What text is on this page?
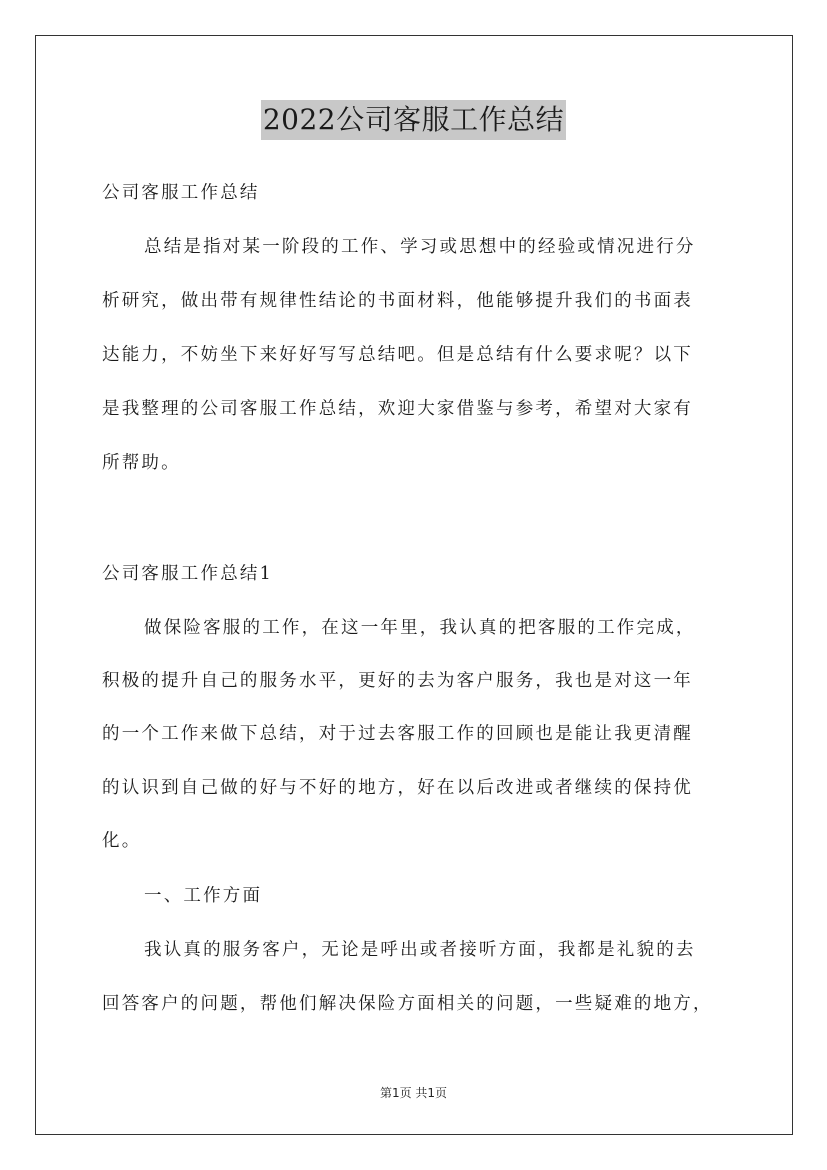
2022公司客服工作总结
公司客服工作总结
总结是指对某一阶段的工作、学习或思想中的经验或情况进行分
析研究，做出带有规律性结论的书面材料，他能够提升我们的书面表
达能力，不妨坐下来好好写写总结吧。但是总结有什么要求呢？以下
是我整理的公司客服工作总结，欢迎大家借鉴与参考，希望对大家有
所帮助。
公司客服工作总结1
做保险客服的工作，在这一年里，我认真的把客服的工作完成，
积极的提升自己的服务水平，更好的去为客户服务，我也是对这一年
的一个工作来做下总结，对于过去客服工作的回顾也是能让我更清醒
的认识到自己做的好与不好的地方，好在以后改进或者继续的保持优
化。
一、工作方面
我认真的服务客户，无论是呼出或者接听方面，我都是礼貌的去
回答客户的问题，帮他们解决保险方面相关的问题，一些疑难的地方，
第1页 共1页
